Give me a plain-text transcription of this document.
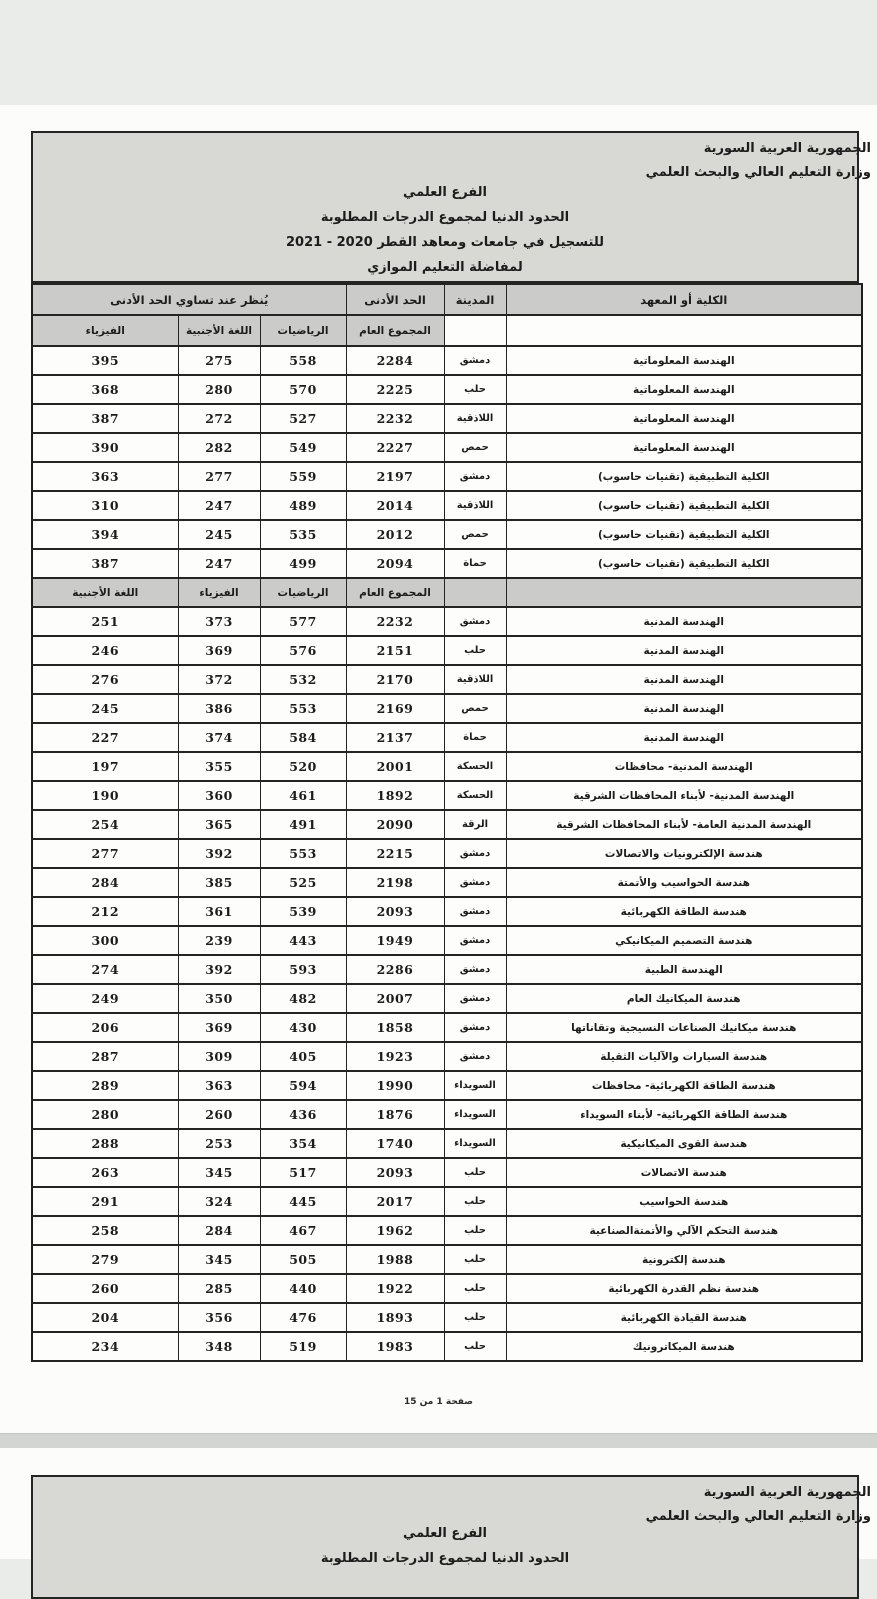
الجمهورية العربية السورية
وزارة التعليم العالي والبحث العلمي
الفرع العلمي
الحدود الدنيا لمجموع الدرجات المطلوبة
للتسجيل في جامعات ومعاهد القطر 2020 - 2021
لمفاضلة التعليم الموازي
الكلية أو المعهد	المدينة	الحد الأدنى	يُنظر عند تساوي الحد الأدنى		
		المجموع العام	الرياضيات	اللغة الأجنبية	الفيزياء
الهندسة المعلوماتية	دمشق	2284	558	275	395
الهندسة المعلوماتية	حلب	2225	570	280	368
الهندسة المعلوماتية	اللاذقية	2232	527	272	387
الهندسة المعلوماتية	حمص	2227	549	282	390
الكلية التطبيقية (تقنيات حاسوب)	دمشق	2197	559	277	363
الكلية التطبيقية (تقنيات حاسوب)	اللاذقية	2014	489	247	310
الكلية التطبيقية (تقنيات حاسوب)	حمص	2012	535	245	394
الكلية التطبيقية (تقنيات حاسوب)	حماة	2094	499	247	387
		المجموع العام	الرياضيات	الفيزياء	اللغة الأجنبية
الهندسة المدنية	دمشق	2232	577	373	251
الهندسة المدنية	حلب	2151	576	369	246
الهندسة المدنية	اللاذقية	2170	532	372	276
الهندسة المدنية	حمص	2169	553	386	245
الهندسة المدنية	حماة	2137	584	374	227
الهندسة المدنية- محافظات	الحسكة	2001	520	355	197
الهندسة المدنية- لأبناء المحافظات الشرقية	الحسكة	1892	461	360	190
الهندسة المدنية العامة- لأبناء المحافظات الشرقية	الرقة	2090	491	365	254
هندسة الإلكترونيات والاتصالات	دمشق	2215	553	392	277
هندسة الحواسيب والأتمتة	دمشق	2198	525	385	284
هندسة الطاقة الكهربائية	دمشق	2093	539	361	212
هندسة التصميم الميكانيكي	دمشق	1949	443	239	300
الهندسة الطبية	دمشق	2286	593	392	274
هندسة الميكانيك العام	دمشق	2007	482	350	249
هندسة ميكانيك الصناعات النسيجية وتقاناتها	دمشق	1858	430	369	206
هندسة السيارات والآليات الثقيلة	دمشق	1923	405	309	287
هندسة الطاقة الكهربائية- محافظات	السويداء	1990	594	363	289
هندسة الطاقة الكهربائية- لأبناء السويداء	السويداء	1876	436	260	280
هندسة القوى الميكانيكية	السويداء	1740	354	253	288
هندسة الاتصالات	حلب	2093	517	345	263
هندسة الحواسيب	حلب	2017	445	324	291
هندسة التحكم الآلي والأتمتةالصناعية	حلب	1962	467	284	258
هندسة إلكترونية	حلب	1988	505	345	279
هندسة نظم القدرة الكهربائية	حلب	1922	440	285	260
هندسة القيادة الكهربائية	حلب	1893	476	356	204
هندسة الميكاترونيك	حلب	1983	519	348	234
صفحة 1 من 15
الجمهورية العربية السورية
وزارة التعليم العالي والبحث العلمي
الفرع العلمي
الحدود الدنيا لمجموع الدرجات المطلوبة
